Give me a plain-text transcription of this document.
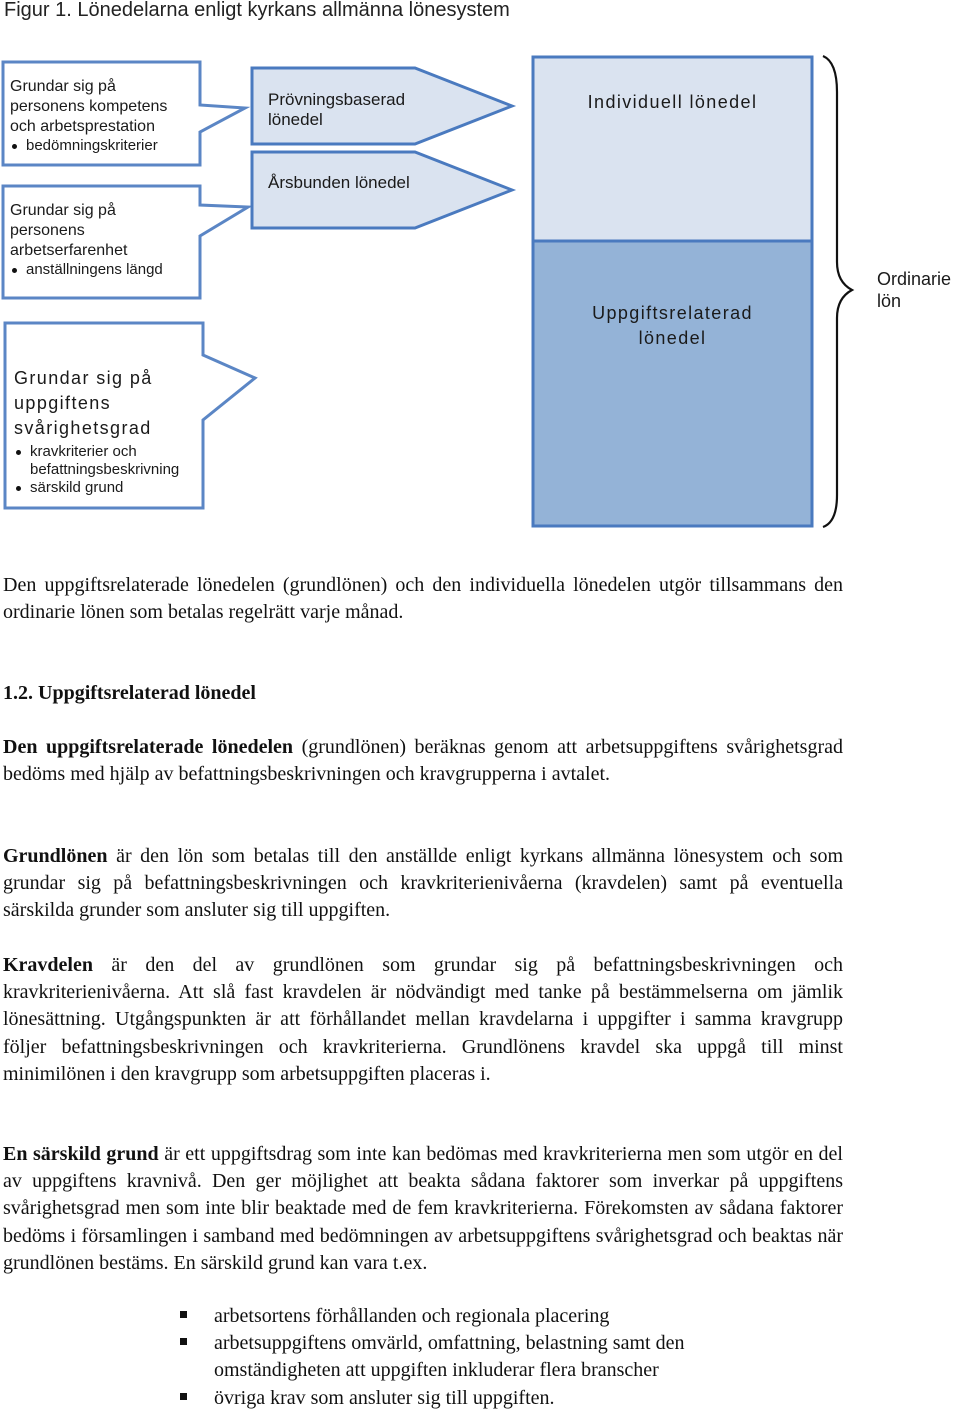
Figur 1. Lönedelarna enligt kyrkans allmänna lönesystem
Grundar sig på
personens kompetens
och arbetsprestation
bedömningskriterier
Grundar sig på
personens
arbetserfarenhet
anställningens längd
Grundar sig på
uppgiftens
svårighetsgrad
kravkriterier och befattningsbeskrivning
särskild grund
Prövningsbaserad
lönedel
Årsbunden lönedel
Individuell lönedel
Uppgiftsrelaterad
lönedel
Ordinarie
lön

Den uppgiftsrelaterade lönedelen (grundlönen) och den individuella lönedelen utgör tillsammans den ordinarie lönen som betalas regelrätt varje månad.

1.2. Uppgiftsrelaterad lönedel

Den uppgiftsrelaterade lönedelen (grundlönen) beräknas genom att arbetsuppgiftens svårighetsgrad bedöms med hjälp av befattningsbeskrivningen och kravgrupperna i avtalet.

Grundlönen är den lön som betalas till den anställde enligt kyrkans allmänna lönesystem och som grundar sig på befattningsbeskrivningen och kravkriterienivåerna (kravdelen) samt på eventuella särskilda grunder som ansluter sig till uppgiften.

Kravdelen är den del av grundlönen som grundar sig på befattningsbeskrivningen och kravkriterienivåerna. Att slå fast kravdelen är nödvändigt med tanke på bestämmelserna om jämlik lönesättning. Utgångspunkten är att förhållandet mellan kravdelarna i uppgifter i samma kravgrupp följer befattningsbeskrivningen och kravkriterierna. Grundlönens kravdel ska uppgå till minst minimilönen i den kravgrupp som arbetsuppgiften placeras i.

En särskild grund är ett uppgiftsdrag som inte kan bedömas med kravkriterierna men som utgör en del av uppgiftens kravnivå. Den ger möjlighet att beakta sådana faktorer som inverkar på uppgiftens svårighetsgrad men som inte blir beaktade med de fem kravkriterierna. Förekomsten av sådana faktorer bedöms i församlingen i samband med bedömningen av arbetsuppgiftens svårighetsgrad och beaktas när grundlönen bestäms. En särskild grund kan vara t.ex.

arbetsortens förhållanden och regionala placering
arbetsuppgiftens omvärld, omfattning, belastning samt den omständigheten att uppgiften inkluderar flera branscher
övriga krav som ansluter sig till uppgiften.
